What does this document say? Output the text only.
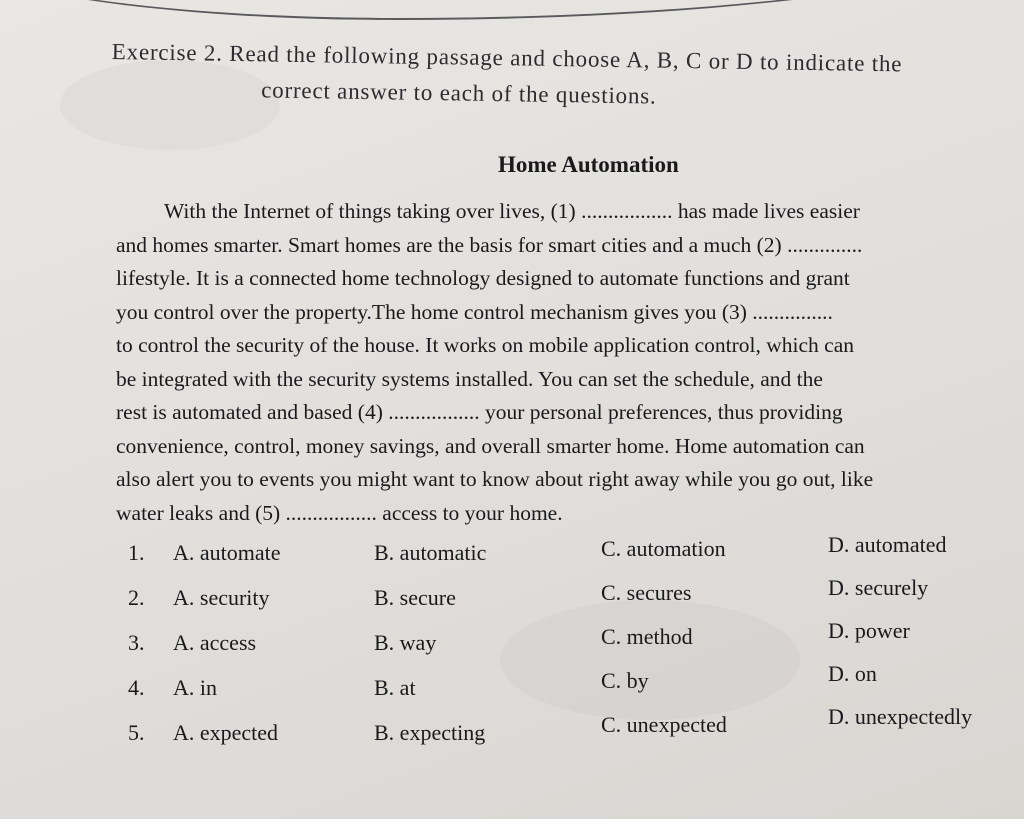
Exercise 2. Read the following passage and choose A, B, C or D to indicate the
correct answer to each of the questions.
Home Automation
With the Internet of things taking over lives, (1) ................. has made lives easier
and homes smarter. Smart homes are the basis for smart cities and a much (2) ..............
lifestyle. It is a connected home technology designed to automate functions and grant
you control over the property.The home control mechanism gives you (3) ...............
to control the security of the house. It works on mobile application control, which can
be integrated with the security systems installed. You can set the schedule, and the
rest is automated and based (4) ................. your personal preferences, thus providing
convenience, control, money savings, and overall smarter home. Home automation can
also alert you to events you might want to know about right away while you go out, like
water leaks and (5) ................. access to your home.
1. A. automate	B. automatic	C. automation	D. automated
2. A. security	B. secure	C. secures	D. securely
3. A. access	B. way	C. method	D. power
4. A. in	B. at	C. by	D. on
5. A. expected	B. expecting	C. unexpected	D. unexpectedly
